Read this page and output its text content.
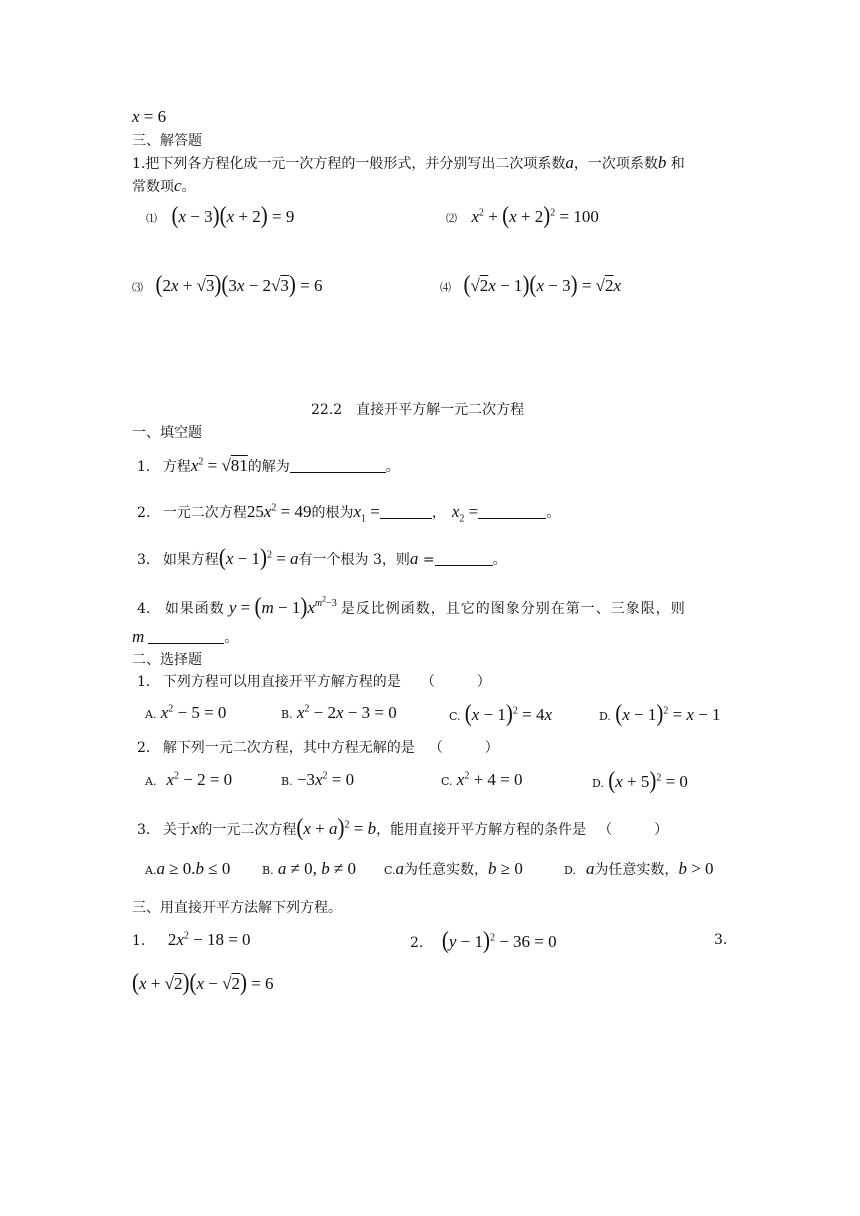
x = 6
三、解答题
1.把下列各方程化成一元一次方程的一般形式，并分别写出二次项系数a，一次项系数b 和
常数项c。
⑴ (x − 3)(x + 2) = 9	⑵ $x^2 + (x + 2)^2 = 100$
⑶ (2x + √3)(3x − 2√3) = 6	⑷ (√2x − 1)(x − 3) = √2x
22.2　直接开平方解一元二次方程
一、填空题
1. 方程$x^2 = √81$的解为	。
2. 一元二次方程$25x^2 = 49$的根为$x_1$ =	， $x_2$ =	。
3. 如果方程$(x - 1)^2 = a$有一个根为 3，则a =	。
4. 如果函数 $y = (m - 1)x^{m^2-3}$ 是反比例函数，且它的图象分别在第一、三象限，则
m	。
二、选择题
1. 下列方程可以用直接开平方解方程的是 （　　　）
A. $x^2 - 5 = 0$	B. $x^2 - 2x - 3 = 0$	C. $(x - 1)^2 = 4x$	D. $(x - 1)^2 = x - 1$
2. 解下列一元二次方程，其中方程无解的是 （　　　）
A. $x^2 - 2 = 0$	B. $-3x^2 = 0$	C. $x^2 + 4 = 0$	D. $(x + 5)^2 = 0$
3. 关于x的一元二次方程$(x + a)^2 = b$，能用直接开平方解方程的条件是 （　　　）
A.a ≥ 0.b ≤ 0	B. a ≠ 0, b ≠ 0	C.a为任意实数，b ≥ 0	D. a为任意实数，b > 0
三、用直接开平方法解下列方程。
1. $2x^2 - 18 = 0$	2. $(y - 1)^2 - 36 = 0$	3.
(x + √2)(x − √2) = 6
